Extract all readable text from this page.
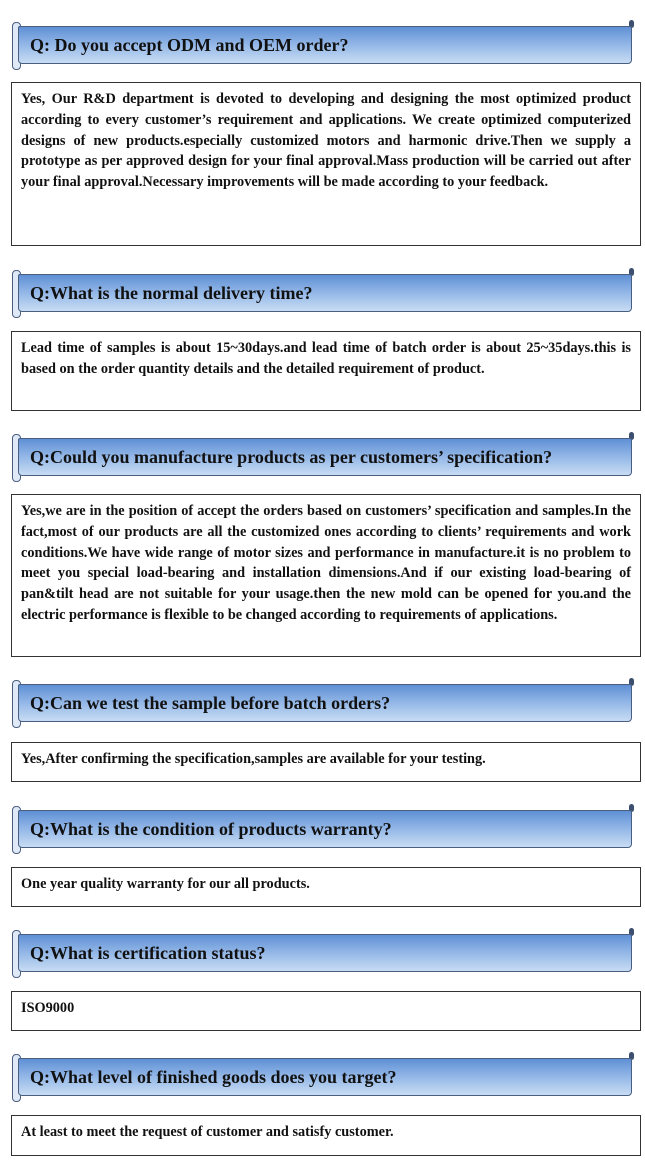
Q: Do you accept ODM and OEM order?
Yes, Our R&D department is devoted to developing and designing the most optimized product according to every customer’s requirement and applications. We create optimized computerized designs of new products.especially customized motors and harmonic drive.Then we supply a prototype as per approved design for your final approval.Mass production will be carried out after your final approval.Necessary improvements will be made according to your feedback.
Q:What is the normal delivery time?
Lead time of samples is about 15~30days.and lead time of batch order is about 25~35days.this is based on the order quantity details and the detailed requirement of product.
Q:Could you manufacture products as per customers’ specification?
Yes,we are in the position of accept the orders based on customers’ specification and samples.In the fact,most of our products are all the customized ones according to clients’ requirements and work conditions.We have wide range of motor sizes and performance in manufacture.it is no problem to meet you special load-bearing and installation dimensions.And if our existing load-bearing of pan&tilt head are not suitable for your usage.then the new mold can be opened for you.and the electric performance is flexible to be changed according to requirements of applications.
Q:Can we test the sample before batch orders?
Yes,After confirming the specification,samples are available for your testing.
Q:What is the condition of products warranty?
One year quality warranty for our all products.
Q:What is certification status?
ISO9000
Q:What level of finished goods does you target?
At least to meet the request of customer and satisfy customer.
